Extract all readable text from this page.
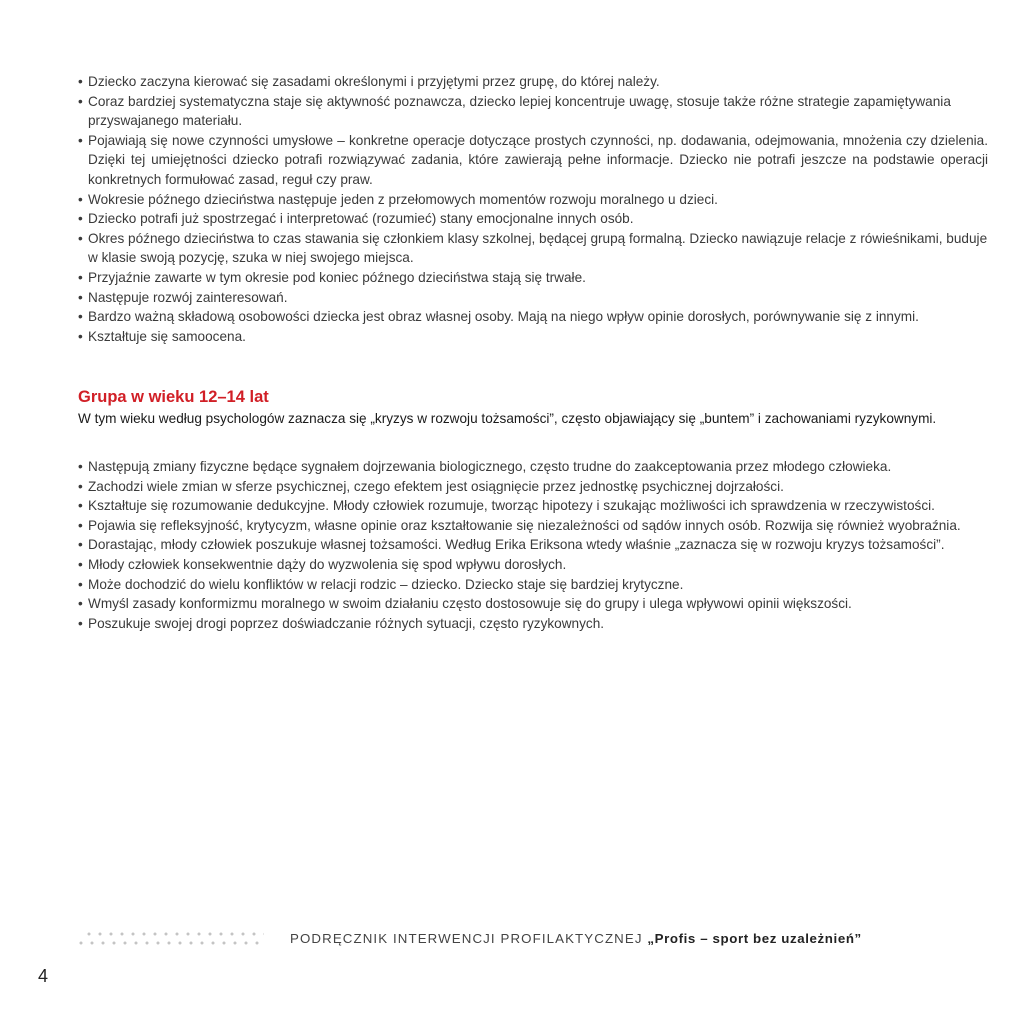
• Dziecko zaczyna kierować się zasadami określonymi i przyjętymi przez grupę, do której należy.
• Coraz bardziej systematyczna staje się aktywność poznawcza, dziecko lepiej koncentruje uwagę, stosuje także różne strategie zapamiętywania przyswajanego materiału.
• Pojawiają się nowe czynności umysłowe – konkretne operacje dotyczące prostych czynności, np. dodawania, odejmowania, mnożenia czy dzielenia. Dzięki tej umiejętności dziecko potrafi rozwiązywać zadania, które zawierają pełne informacje. Dziecko nie potrafi jeszcze na podstawie operacji konkretnych formułować zasad, reguł czy praw.
• Wokresie późnego dzieciństwa następuje jeden z przełomowych momentów rozwoju moralnego u dzieci.
• Dziecko potrafi już spostrzegać i interpretować (rozumieć) stany emocjonalne innych osób.
• Okres późnego dzieciństwa to czas stawania się członkiem klasy szkolnej, będącej grupą formalną. Dziecko nawiązuje relacje z rówieśnikami, buduje w klasie swoją pozycję, szuka w niej swojego miejsca.
• Przyjaźnie zawarte w tym okresie pod koniec późnego dzieciństwa stają się trwałe.
• Następuje rozwój zainteresowań.
• Bardzo ważną składową osobowości dziecka jest obraz własnej osoby. Mają na niego wpływ opinie dorosłych, porównywanie się z innymi.
• Kształtuje się samoocena.
Grupa w wieku 12–14 lat

W tym wieku według psychologów zaznacza się „kryzys w rozwoju tożsamości”, często objawiający się „buntem” i zachowaniami ryzykownymi.

• Następują zmiany fizyczne będące sygnałem dojrzewania biologicznego, często trudne do zaakceptowania przez młodego człowieka.
• Zachodzi wiele zmian w sferze psychicznej, czego efektem jest osiągnięcie przez jednostkę psychicznej dojrzałości.
• Kształtuje się rozumowanie dedukcyjne. Młody człowiek rozumuje, tworząc hipotezy i szukając możliwości ich sprawdzenia w rzeczywistości.
• Pojawia się refleksyjność, krytycyzm, własne opinie oraz kształtowanie się niezależności od sądów innych osób. Rozwija się również wyobraźnia.
• Dorastając, młody człowiek poszukuje własnej tożsamości. Według Erika Eriksona wtedy właśnie „zaznacza się w rozwoju kryzys tożsamości”.
• Młody człowiek konsekwentnie dąży do wyzwolenia się spod wpływu dorosłych.
• Może dochodzić do wielu konfliktów w relacji rodzic – dziecko. Dziecko staje się bardziej krytyczne.
• Wmyśl zasady konformizmu moralnego w swoim działaniu często dostosowuje się do grupy i ulega wpływowi opinii większości.
• Poszukuje swojej drogi poprzez doświadczanie różnych sytuacji, często ryzykownych.
PODRĘCZNIK INTERWENCJI PROFILAKTYCZNEJ „Profis – sport bez uzależnień”
4
